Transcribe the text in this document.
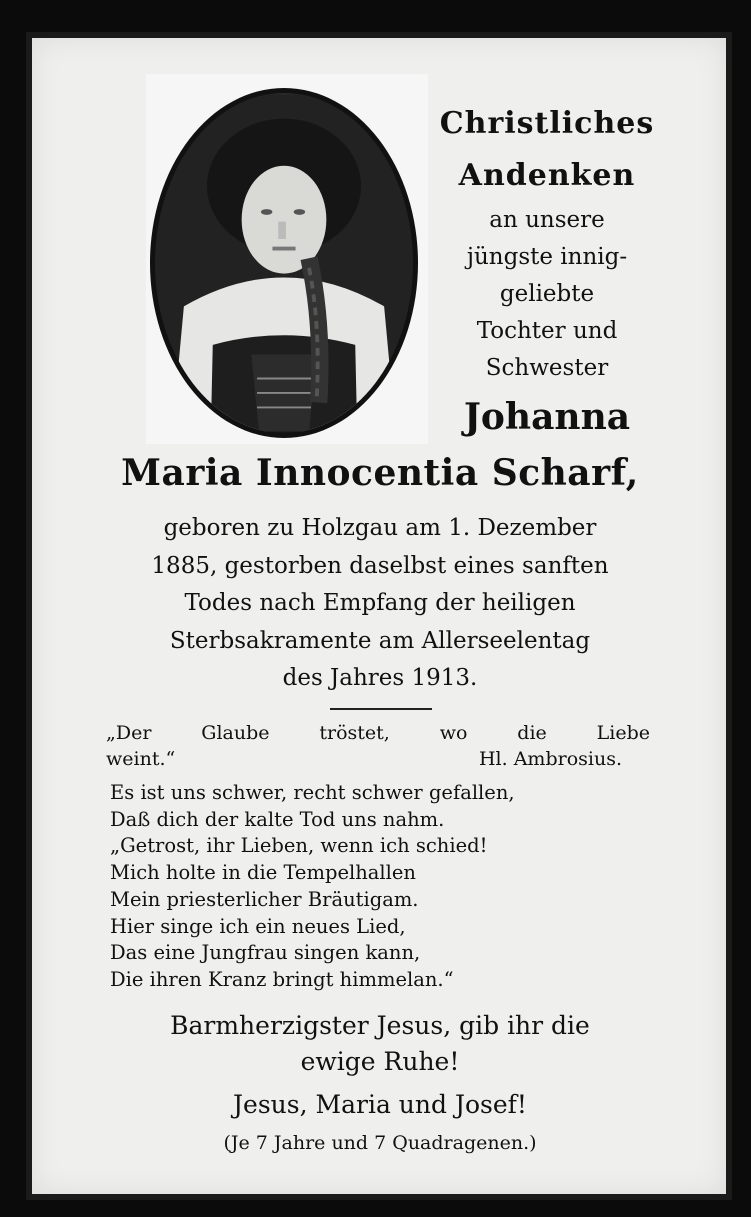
Christliches
Andenken
an unsere
jüngste innig-
geliebte
Tochter und
Schwester
Johanna
Maria Innocentia Scharf,
geboren zu Holzgau am 1. Dezember
1885, gestorben daselbst eines sanften
Todes nach Empfang der heiligen
Sterbsakramente am Allerseelentag
des Jahres 1913.
„Der Glaube tröstet, wo die Liebe
weint.“	Hl. Ambrosius.
Es ist uns schwer, recht schwer gefallen,
Daß dich der kalte Tod uns nahm.
„Getrost, ihr Lieben, wenn ich schied!
Mich holte in die Tempelhallen
Mein priesterlicher Bräutigam.
Hier singe ich ein neues Lied,
Das eine Jungfrau singen kann,
Die ihren Kranz bringt himmelan.“
Barmherzigster Jesus, gib ihr die
ewige Ruhe!
Jesus, Maria und Josef!
(Je 7 Jahre und 7 Quadragenen.)
